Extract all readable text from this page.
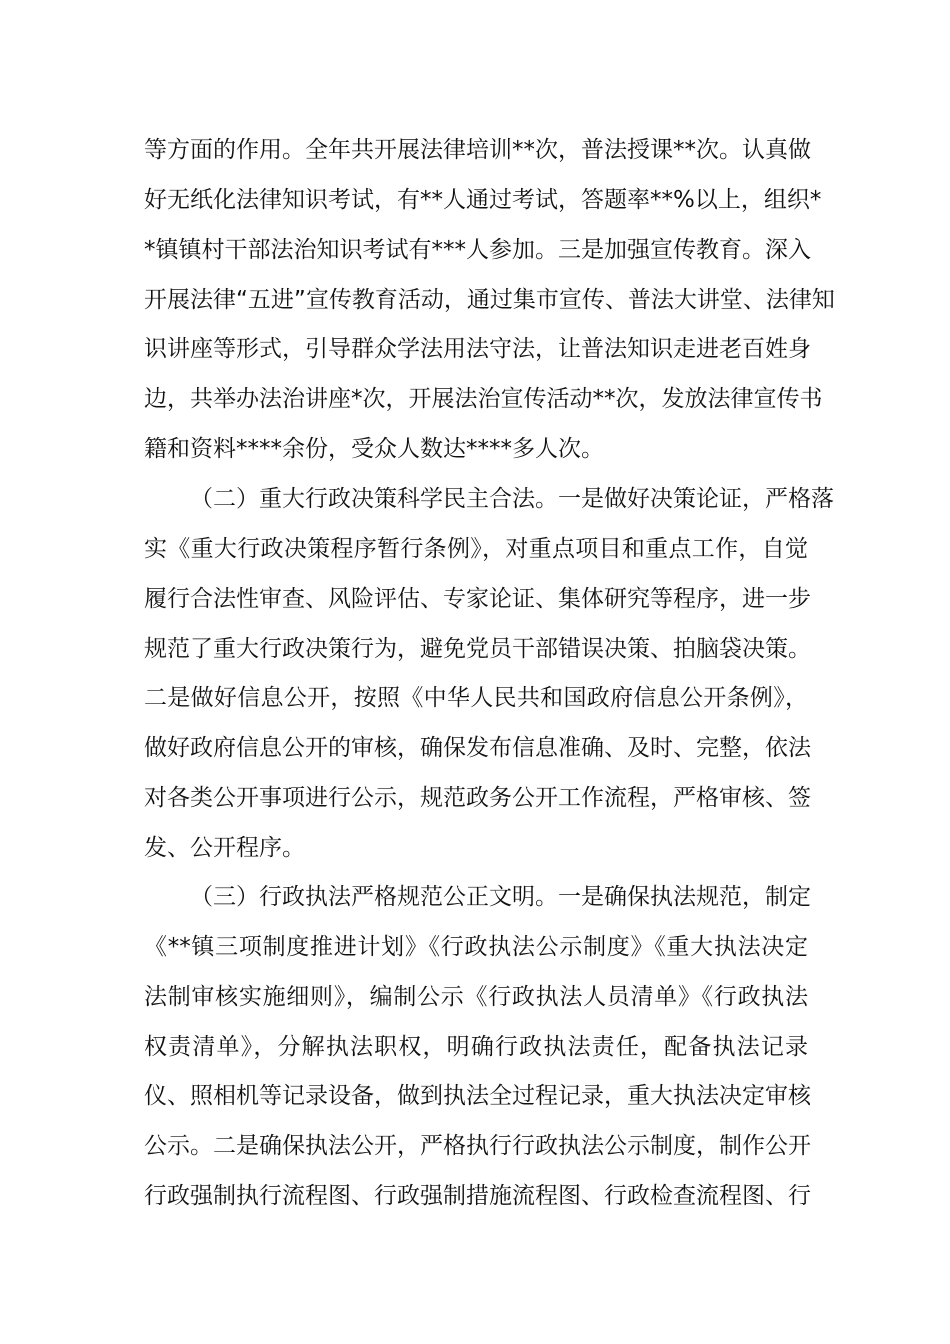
等方面的作用。全年共开展法律培训**次，普法授课**次。认真做
好无纸化法律知识考试，有**人通过考试，答题率**%以上，组织*
*镇镇村干部法治知识考试有***人参加。三是加强宣传教育。深入
开展法律“五进”宣传教育活动，通过集市宣传、普法大讲堂、法律知
识讲座等形式，引导群众学法用法守法，让普法知识走进老百姓身
边，共举办法治讲座*次，开展法治宣传活动**次，发放法律宣传书
籍和资料****余份，受众人数达****多人次。
（二）重大行政决策科学民主合法。一是做好决策论证，严格落
实《重大行政决策程序暂行条例》，对重点项目和重点工作，自觉
履行合法性审查、风险评估、专家论证、集体研究等程序，进一步
规范了重大行政决策行为，避免党员干部错误决策、拍脑袋决策。
二是做好信息公开，按照《中华人民共和国政府信息公开条例》，
做好政府信息公开的审核，确保发布信息准确、及时、完整，依法
对各类公开事项进行公示，规范政务公开工作流程，严格审核、签
发、公开程序。
（三）行政执法严格规范公正文明。一是确保执法规范，制定
《**镇三项制度推进计划》《行政执法公示制度》《重大执法决定
法制审核实施细则》，编制公示《行政执法人员清单》《行政执法
权责清单》，分解执法职权，明确行政执法责任，配备执法记录
仪、照相机等记录设备，做到执法全过程记录，重大执法决定审核
公示。二是确保执法公开，严格执行行政执法公示制度，制作公开
行政强制执行流程图、行政强制措施流程图、行政检查流程图、行
